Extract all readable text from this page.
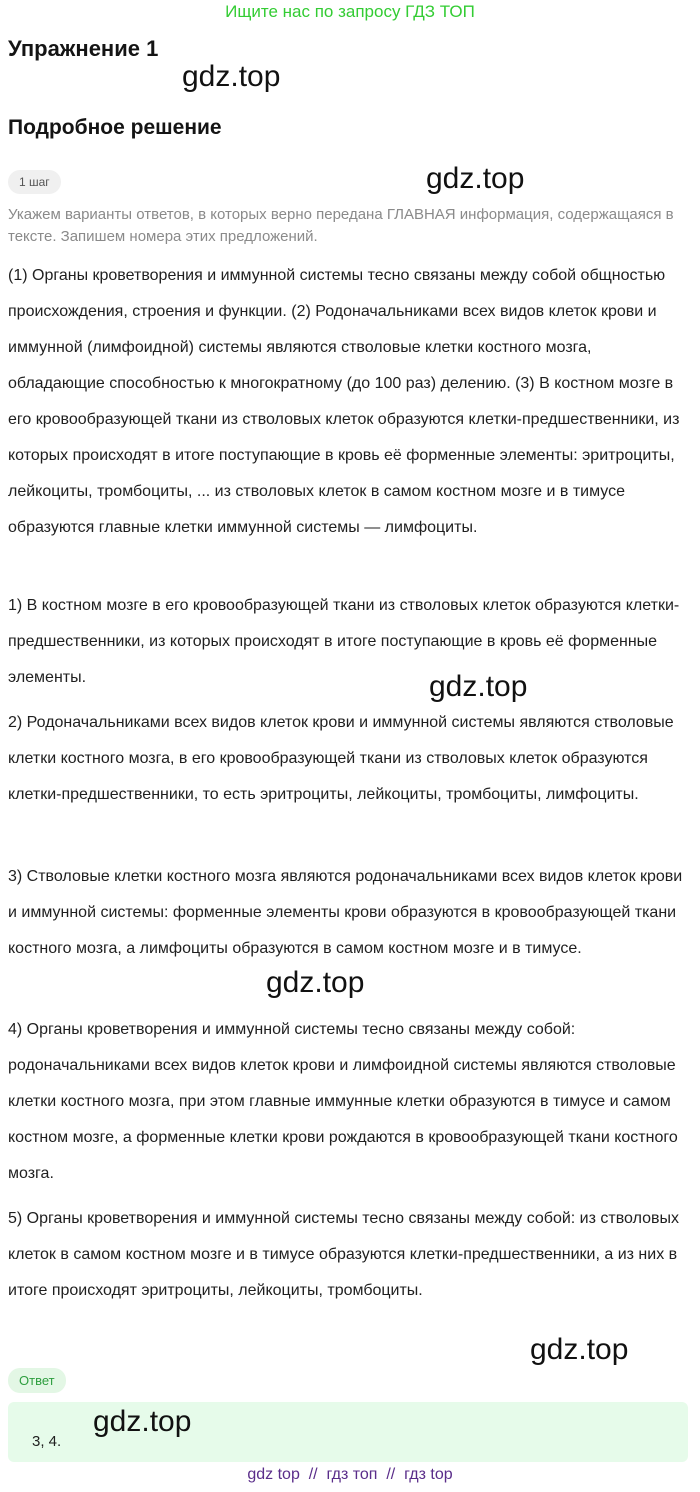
Ищите нас по запросу ГДЗ ТОП
Упражнение 1
gdz.top
Подробное решение
1 шаг	gdz.top
Укажем варианты ответов, в которых верно передана ГЛАВНАЯ информация, содержащаяся в тексте. Запишем номера этих предложений.
(1) Органы кроветворения и иммунной системы тесно связаны между собой общностью происхождения, строения и функции. (2) Родоначальниками всех видов клеток крови и иммунной (лимфоидной) системы являются стволовые клетки костного мозга, обладающие способностью к многократному (до 100 раз) делению. (3) В костном мозге в его кровообразующей ткани из стволовых клеток образуются клетки-предшественники, из которых происходят в итоге поступающие в кровь её форменные элементы: эритроциты, лейкоциты, тромбоциты, ... из стволовых клеток в самом костном мозге и в тимусе образуются главные клетки иммунной системы — лимфоциты.
1) В костном мозге в его кровообразующей ткани из стволовых клеток образуются клетки-предшественники, из которых происходят в итоге поступающие в кровь её форменные элементы.	gdz.top
2) Родоначальниками всех видов клеток крови и иммунной системы являются стволовые клетки костного мозга, в его кровообразующей ткани из стволовых клеток образуются клетки-предшественники, то есть эритроциты, лейкоциты, тромбоциты, лимфоциты.
3) Стволовые клетки костного мозга являются родоначальниками всех видов клеток крови и иммунной системы: форменные элементы крови образуются в кровообразующей ткани костного мозга, а лимфоциты образуются в самом костном мозге и в тимусе.
gdz.top
4) Органы кроветворения и иммунной системы тесно связаны между собой: родоначальниками всех видов клеток крови и лимфоидной системы являются стволовые клетки костного мозга, при этом главные иммунные клетки образуются в тимусе и самом костном мозге, а форменные клетки крови рождаются в кровообразующей ткани костного мозга.
5) Органы кроветворения и иммунной системы тесно связаны между собой: из стволовых клеток в самом костном мозге и в тимусе образуются клетки-предшественники, а из них в итоге происходят эритроциты, лейкоциты, тромбоциты.
gdz.top
Ответ
gdz.top
3, 4.
gdz top  //  гдз топ  //  гдз top
